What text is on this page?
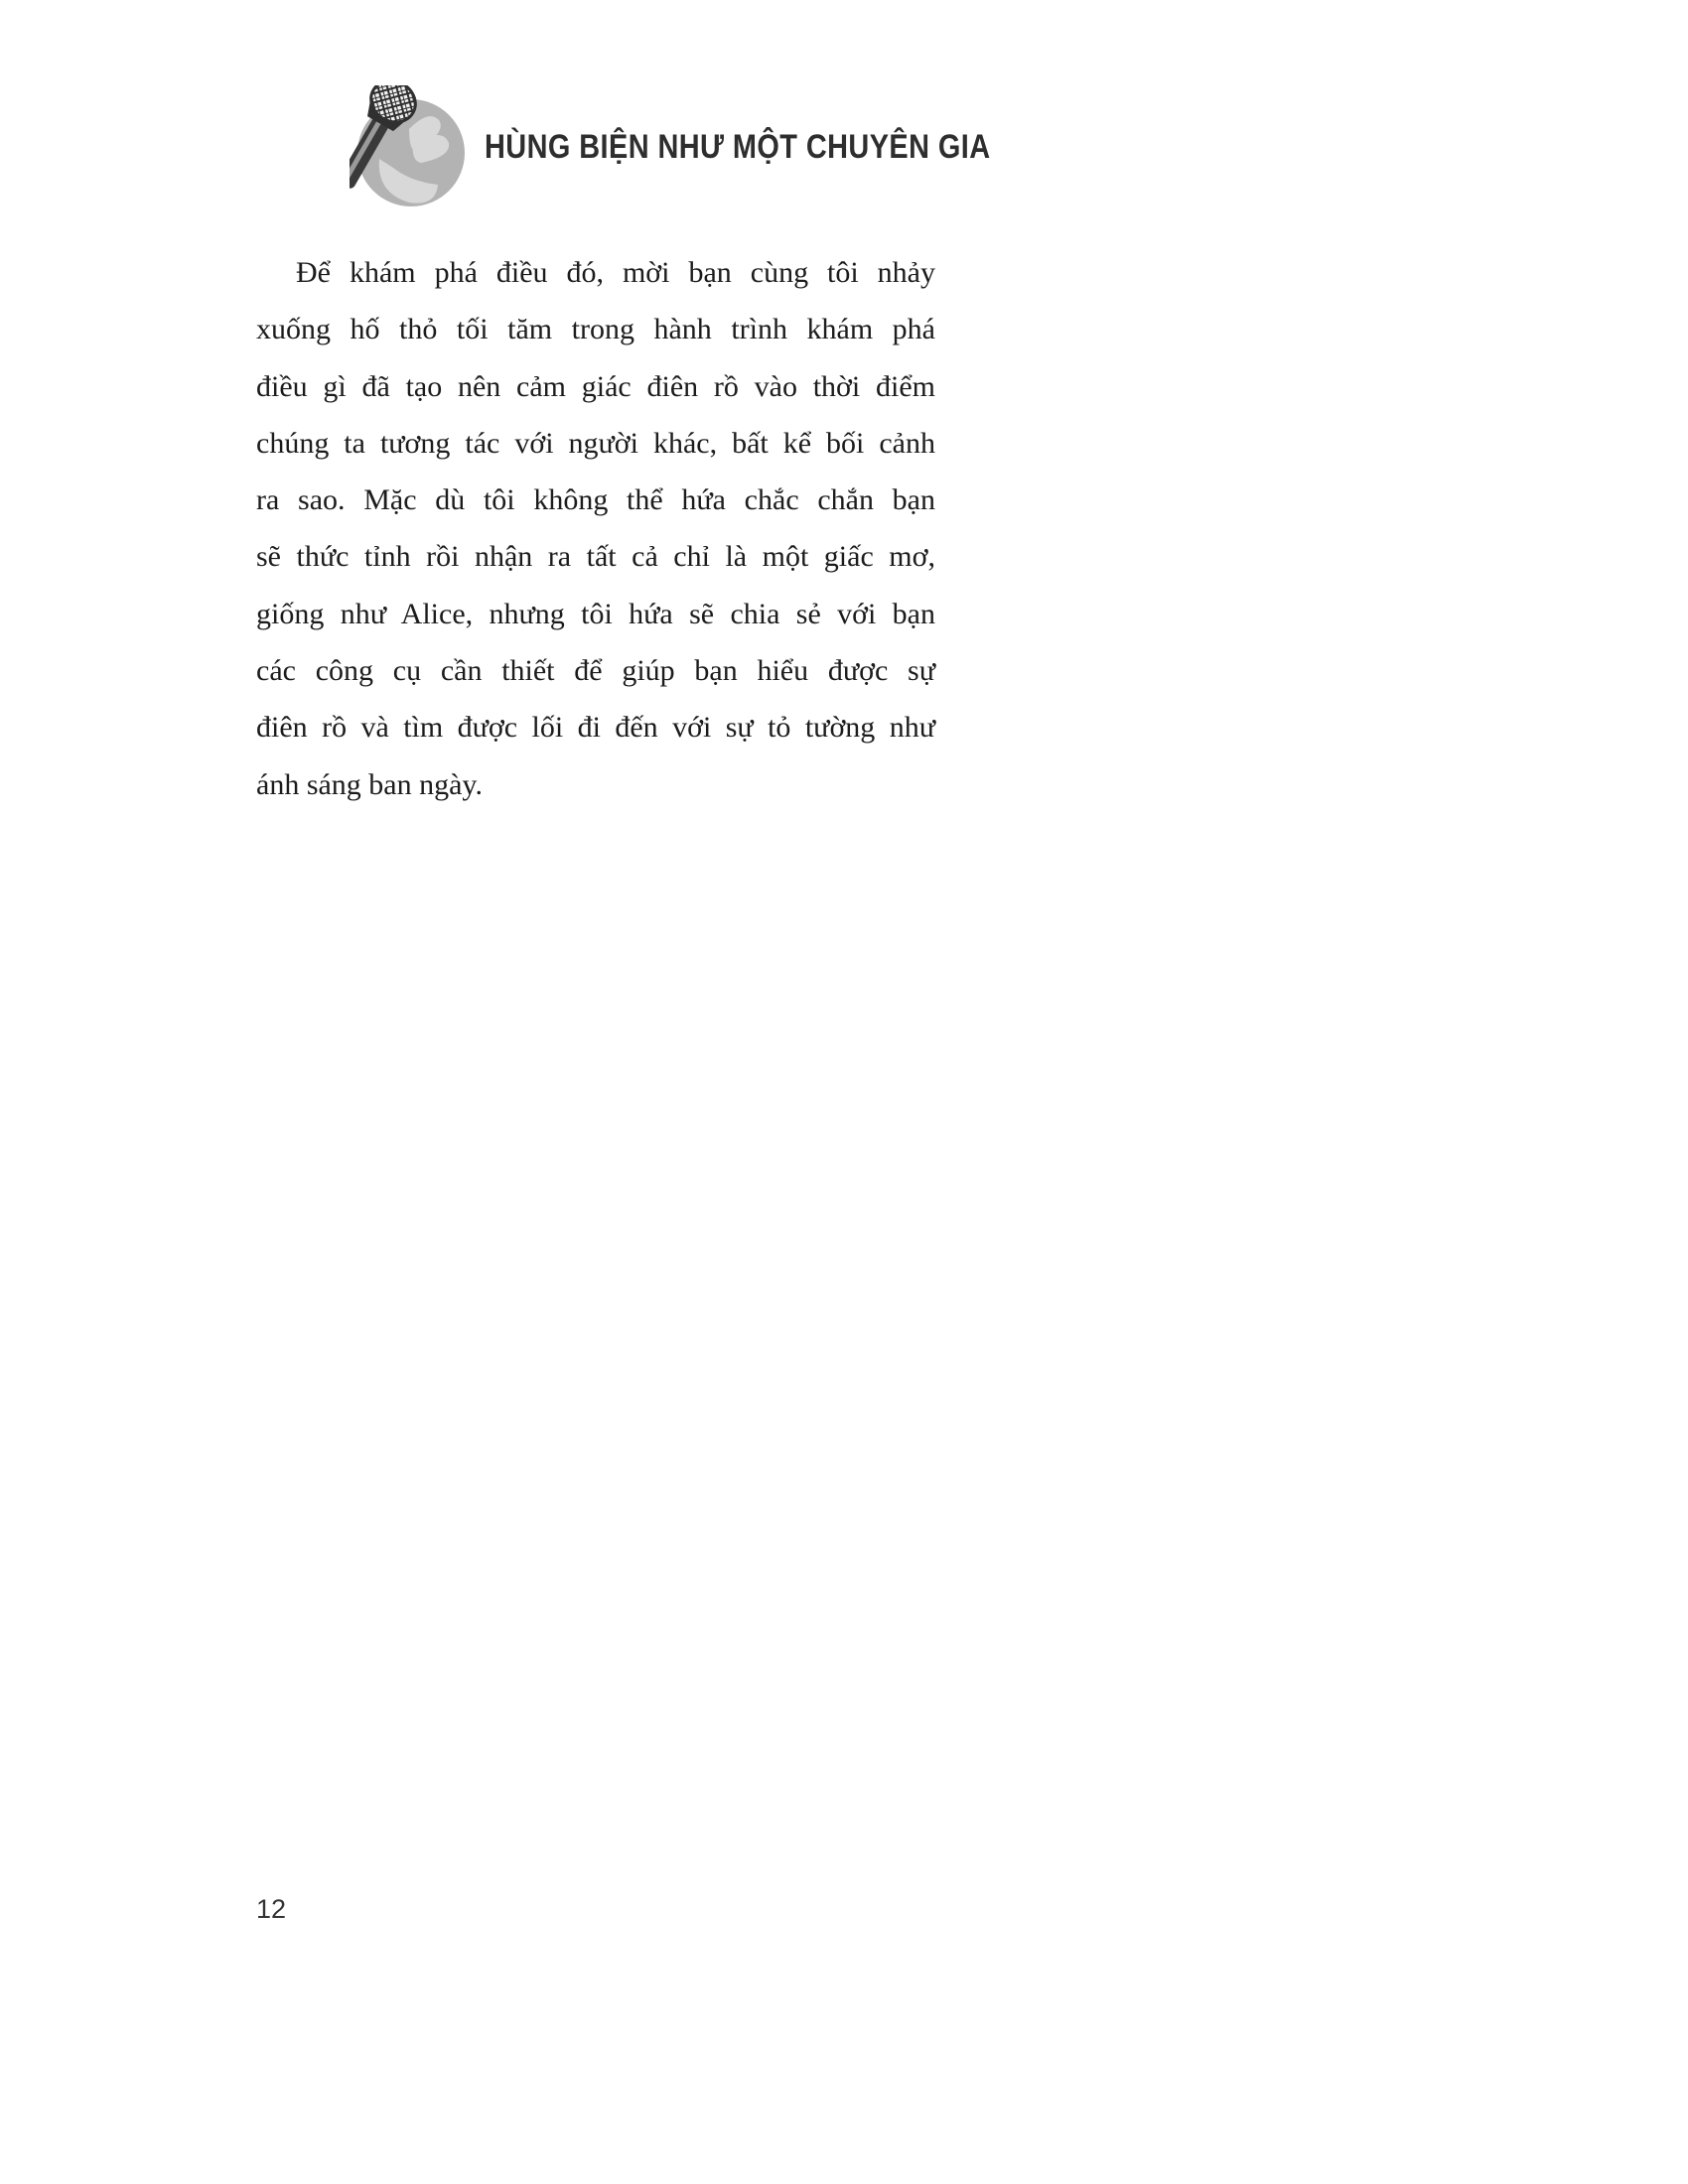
HÙNG BIỆN NHƯ MỘT CHUYÊN GIA
Để khám phá điều đó, mời bạn cùng tôi nhảy
xuống hố thỏ tối tăm trong hành trình khám phá
điều gì đã tạo nên cảm giác điên rồ vào thời điểm
chúng ta tương tác với người khác, bất kể bối cảnh
ra sao. Mặc dù tôi không thể hứa chắc chắn bạn
sẽ thức tỉnh rồi nhận ra tất cả chỉ là một giấc mơ,
giống như Alice, nhưng tôi hứa sẽ chia sẻ với bạn
các công cụ cần thiết để giúp bạn hiểu được sự
điên rồ và tìm được lối đi đến với sự tỏ tường như
ánh sáng ban ngày.
12
